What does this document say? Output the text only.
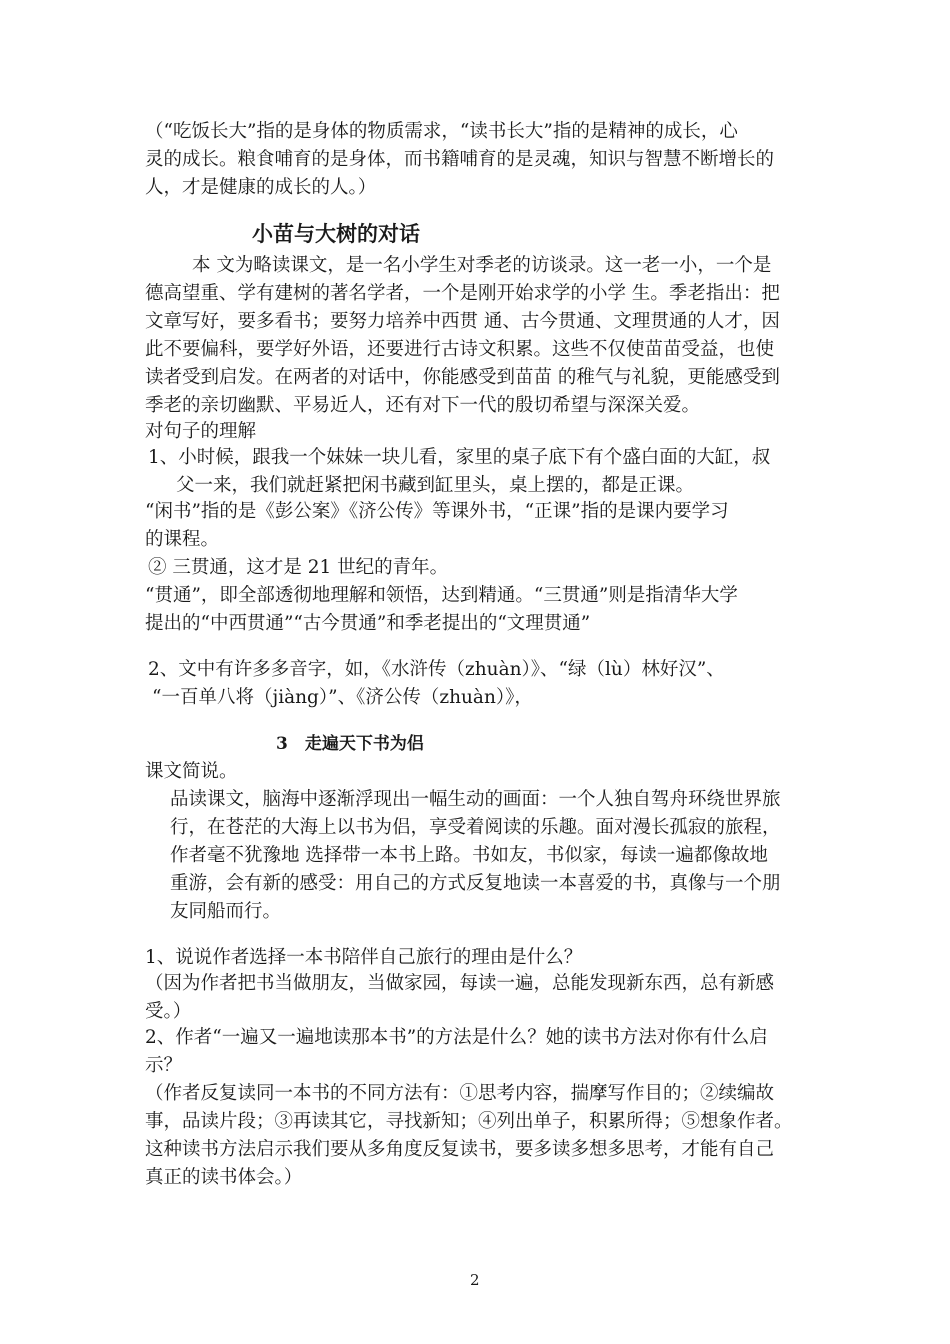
（“吃饭长大”指的是身体的物质需求，“读书长大”指的是精神的成长，心

灵的成长。粮食哺育的是身体，而书籍哺育的是灵魂，知识与智慧不断增长的

人，才是健康的成长的人。）

小苗与大树的对话

本 文为略读课文，是一名小学生对季老的访谈录。这一老一小，一个是

德高望重、学有建树的著名学者，一个是刚开始求学的小学 生。季老指出：把

文章写好，要多看书；要努力培养中西贯 通、古今贯通、文理贯通的人才，因

此不要偏科，要学好外语，还要进行古诗文积累。这些不仅使苗苗受益，也使

读者受到启发。在两者的对话中，你能感受到苗苗 的稚气与礼貌，更能感受到

季老的亲切幽默、平易近人，还有对下一代的殷切希望与深深关爱。

对句子的理解

1、小时候，跟我一个妹妹一块儿看，家里的桌子底下有个盛白面的大缸，叔

父一来，我们就赶紧把闲书藏到缸里头，桌上摆的，都是正课。

“闲书”指的是《彭公案》《济公传》等课外书，“正课”指的是课内要学习

的课程。

② 三贯通，这才是 21 世纪的青年。

“贯通”，即全部透彻地理解和领悟，达到精通。“三贯通”则是指清华大学

提出的“中西贯通”“古今贯通”和季老提出的“文理贯通”

2、文中有许多多音字，如，《水浒传（zhuàn）》、“绿（lù）林好汉”、

“一百单八将（jiàng）”、《济公传（zhuàn）》，

3　走遍天下书为侣

课文简说。

品读课文，脑海中逐渐浮现出一幅生动的画面：一个人独自驾舟环绕世界旅

行，在苍茫的大海上以书为侣，享受着阅读的乐趣。面对漫长孤寂的旅程，

作者毫不犹豫地 选择带一本书上路。书如友，书似家，每读一遍都像故地

重游，会有新的感受：用自己的方式反复地读一本喜爱的书，真像与一个朋

友同船而行。

1、说说作者选择一本书陪伴自己旅行的理由是什么？

（因为作者把书当做朋友，当做家园，每读一遍，总能发现新东西，总有新感

受。）

2、作者“一遍又一遍地读那本书”的方法是什么？她的读书方法对你有什么启

示？

（作者反复读同一本书的不同方法有：①思考内容，揣摩写作目的；②续编故

事，品读片段；③再读其它，寻找新知；④列出单子，积累所得；⑤想象作者。

这种读书方法启示我们要从多角度反复读书，要多读多想多思考，才能有自己

真正的读书体会。）

2
